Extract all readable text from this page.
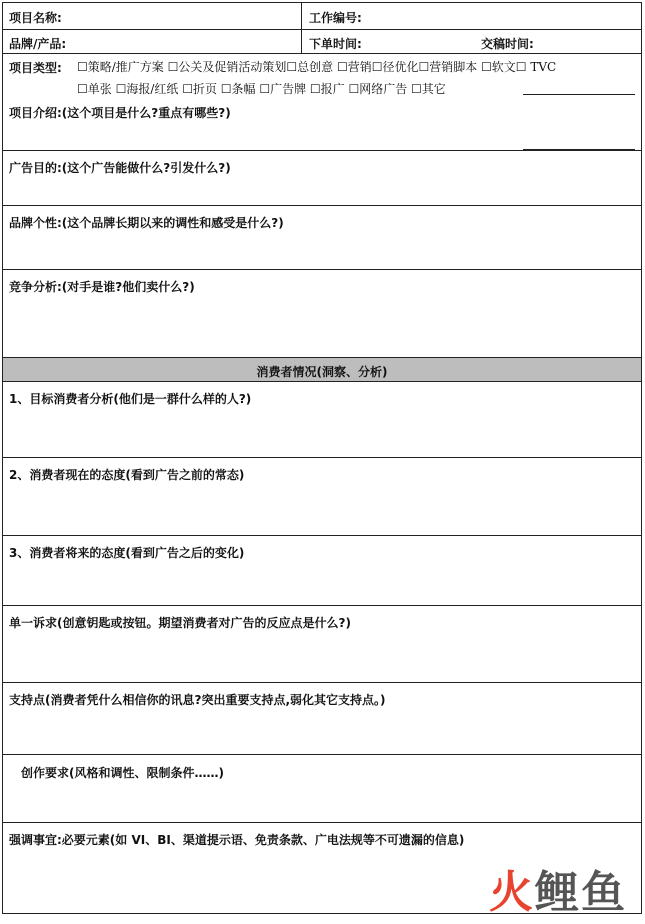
项目名称:	工作编号:
品牌/产品:	下单时间:	交稿时间:
项目类型: ☐策略/推广方案 ☐公关及促销活动策划☐总创意 ☐营销☐径优化☐营销脚本 ☐软文☐ TVC
☐单张 ☐海报/红纸 ☐折页 ☐条幅 ☐广告牌 ☐报广 ☐网络广告 ☐其它
项目介绍:(这个项目是什么?重点有哪些?)
广告目的:(这个广告能做什么?引发什么?)
品牌个性:(这个品牌长期以来的调性和感受是什么?)
竞争分析:(对手是谁?他们卖什么?)
消费者情况(洞察、分析)
1、目标消费者分析(他们是一群什么样的人?)
2、消费者现在的态度(看到广告之前的常态)
3、消费者将来的态度(看到广告之后的变化)
单一诉求(创意钥匙或按钮。期望消费者对广告的反应点是什么?)
支持点(消费者凭什么相信你的讯息?突出重要支持点,弱化其它支持点。)
创作要求(风格和调性、限制条件……)
强调事宜:必要元素(如 VI、BI、渠道提示语、免责条款、广电法规等不可遗漏的信息)
火鲤鱼
